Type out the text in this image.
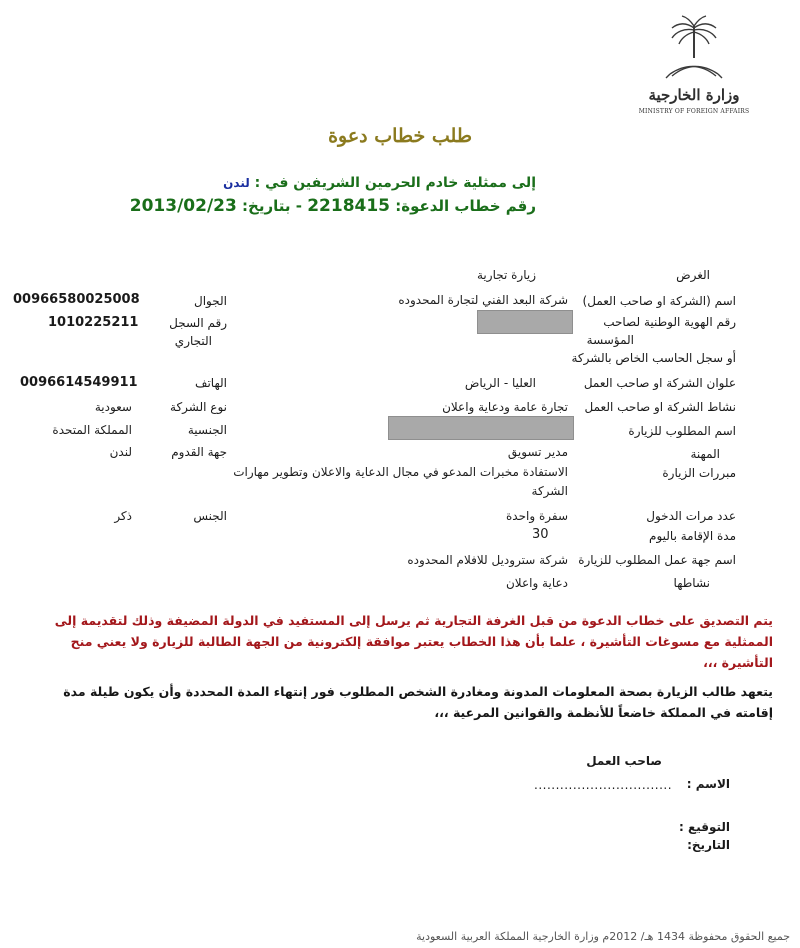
وزارة الخارجية
MINISTRY OF FOREIGN AFFAIRS
طلب خطاب دعوة
إلى ممثلية خادم الحرمين الشريفين في : لندن
رقم خطاب الدعوة: 2218415 - بتاريخ: 2013/02/23
الغرض
اسم (الشركة او صاحب العمل)
رقم الهوية الوطنية لصاحب
المؤسسة
أو سجل الحاسب الخاص بالشركة
علوان الشركة او صاحب العمل
نشاط الشركة او صاحب العمل
اسم المطلوب للزيارة
المهنة
مبررات الزيارة
عدد مرات الدخول
مدة الإقامة باليوم
اسم جهة عمل المطلوب للزيارة
نشاطها
زيارة تجارية
شركة البعد الفني لتجارة المحدوده
العليا - الرياض
تجارة عامة ودعاية واعلان
مدير تسويق
الاستفادة مخبرات المدعو في مجال الدعاية والاعلان وتطوير مهارات
الشركة
سفرة واحدة
30
شركة ستروديل للافلام المحدوده
دعاية واعلان
الجوال
رقم السجل
التجاري
الهاتف
نوع الشركة
الجنسية
جهة القدوم
الجنس
0096658002500​8
1010225211
0096614549911
سعودية
المملكة المتحدة
لندن
ذكر
يتم التصديق على خطاب الدعوة من قبل الغرفة التجارية ثم يرسل إلى المستفيد في الدولة المضيفة وذلك لتقديمة إلى الممثلية مع مسوغات التأشيرة ، علما بأن هذا الخطاب يعتبر موافقة إلكترونية من الجهة الطالبة للزيارة ولا يعني منح التأشيرة ،،،
يتعهد طالب الزيارة بصحة المعلومات المدونة ومغادرة الشخص المطلوب فور إنتهاء المدة المحددة وأن يكون طيلة مدة إقامته في المملكة خاضعاً للأنظمة والقوانين المرعية ،،،
صاحب العمل
الاسم :
................................
التوقيع :
التاريخ:
جميع الحقوق محفوظة 1434 هـ/ 2012م وزارة الخارجية المملكة العربية السعودية
